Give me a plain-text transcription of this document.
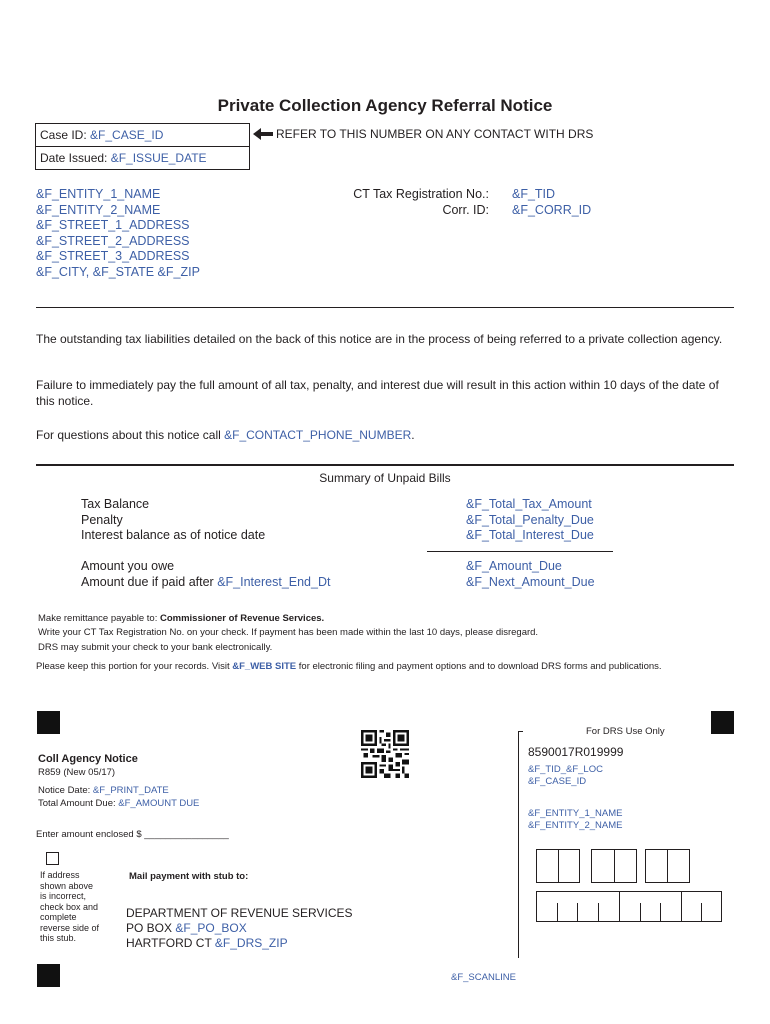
Private Collection Agency Referral Notice
Case ID: &F_CASE_ID
Date Issued: &F_ISSUE_DATE
REFER TO THIS NUMBER ON ANY CONTACT WITH DRS
&F_ENTITY_1_NAME
&F_ENTITY_2_NAME
&F_STREET_1_ADDRESS
&F_STREET_2_ADDRESS
&F_STREET_3_ADDRESS
&F_CITY, &F_STATE &F_ZIP
CT Tax Registration No.:
Corr. ID:
&F_TID
&F_CORR_ID
The outstanding tax liabilities detailed on the back of this notice are in the process of being referred to a private collection agency.
Failure to immediately pay the full amount of all tax, penalty, and interest due will result in this action within 10 days of the date of this notice.
For questions about this notice call &F_CONTACT_PHONE_NUMBER.
Summary of Unpaid Bills
Tax Balance
Penalty
Interest balance as of notice date
&F_Total_Tax_Amount
&F_Total_Penalty_Due
&F_Total_Interest_Due
Amount you owe
Amount due if paid after &F_Interest_End_Dt
&F_Amount_Due
&F_Next_Amount_Due
Make remittance payable to: Commissioner of Revenue Services.
Write your CT Tax Registration No. on your check. If payment has been made within the last 10 days, please disregard.
DRS may submit your check to your bank electronically.
Please keep this portion for your records. Visit &F_WEB SITE for electronic filing and payment options and to download DRS forms and publications.
Coll Agency Notice
R859 (New 05/17)
Notice Date: &F_PRINT_DATE
Total Amount Due: &F_AMOUNT DUE
Enter amount enclosed $ ________________
If address shown above is incorrect, check box and complete reverse side of this stub.
Mail payment with stub to:
DEPARTMENT OF REVENUE SERVICES
PO BOX &F_PO_BOX
HARTFORD CT &F_DRS_ZIP
For DRS Use Only
8590017R019999
&F_TID_&F_LOC
&F_CASE_ID
&F_ENTITY_1_NAME
&F_ENTITY_2_NAME
&F_SCANLINE
